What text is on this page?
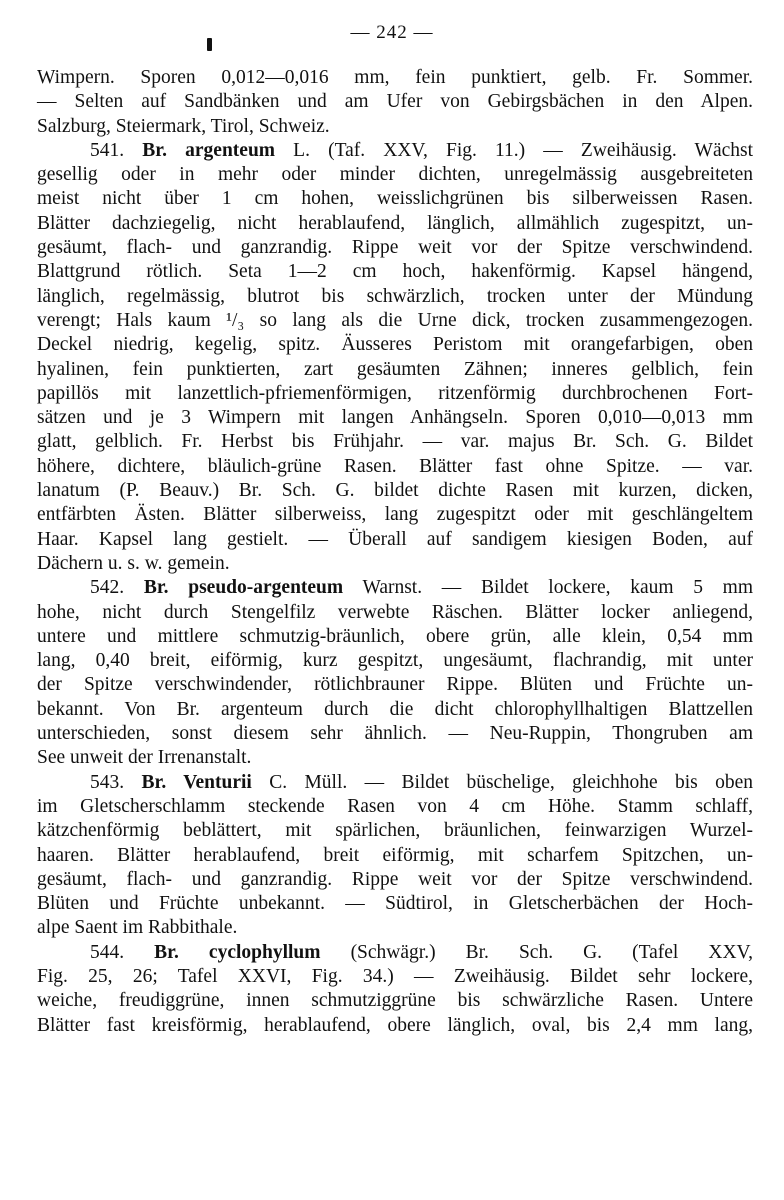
— 242 —
Wimpern. Sporen 0,012—0,016 mm, fein punktiert, gelb. Fr. Sommer.
— Selten auf Sandbänken und am Ufer von Gebirgsbächen in den Alpen.
Salzburg, Steiermark, Tirol, Schweiz.
541. Br. argenteum L. (Taf. XXV, Fig. 11.) — Zweihäusig. Wächst
gesellig oder in mehr oder minder dichten, unregelmässig ausgebreiteten
meist nicht über 1 cm hohen, weisslichgrünen bis silberweissen Rasen.
Blätter dachziegelig, nicht herablaufend, länglich, allmählich zugespitzt, un-
gesäumt, flach- und ganzrandig. Rippe weit vor der Spitze verschwindend.
Blattgrund rötlich. Seta 1—2 cm hoch, hakenförmig. Kapsel hängend,
länglich, regelmässig, blutrot bis schwärzlich, trocken unter der Mündung
verengt; Hals kaum ¹/₃ so lang als die Urne dick, trocken zusammengezogen.
Deckel niedrig, kegelig, spitz. Äusseres Peristom mit orangefarbigen, oben
hyalinen, fein punktierten, zart gesäumten Zähnen; inneres gelblich, fein
papillös mit lanzettlich-pfriemenförmigen, ritzenförmig durchbrochenen Fort-
sätzen und je 3 Wimpern mit langen Anhängseln. Sporen 0,010—0,013 mm
glatt, gelblich. Fr. Herbst bis Frühjahr. — var. majus Br. Sch. G. Bildet
höhere, dichtere, bläulich-grüne Rasen. Blätter fast ohne Spitze. — var.
lanatum (P. Beauv.) Br. Sch. G. bildet dichte Rasen mit kurzen, dicken,
entfärbten Ästen. Blätter silberweiss, lang zugespitzt oder mit geschlängeltem
Haar. Kapsel lang gestielt. — Überall auf sandigem kiesigen Boden, auf
Dächern u. s. w. gemein.
542. Br. pseudo-argenteum Warnst. — Bildet lockere, kaum 5 mm
hohe, nicht durch Stengelfilz verwebte Räschen. Blätter locker anliegend,
untere und mittlere schmutzig-bräunlich, obere grün, alle klein, 0,54 mm
lang, 0,40 breit, eiförmig, kurz gespitzt, ungesäumt, flachrandig, mit unter
der Spitze verschwindender, rötlichbrauner Rippe. Blüten und Früchte un-
bekannt. Von Br. argenteum durch die dicht chlorophyllhaltigen Blattzellen
unterschieden, sonst diesem sehr ähnlich. — Neu-Ruppin, Thongruben am
See unweit der Irrenanstalt.
543. Br. Venturii C. Müll. — Bildet büschelige, gleichhohe bis oben
im Gletscherschlamm steckende Rasen von 4 cm Höhe. Stamm schlaff,
kätzchenförmig beblättert, mit spärlichen, bräunlichen, feinwarzigen Wurzel-
haaren. Blätter herablaufend, breit eiförmig, mit scharfem Spitzchen, un-
gesäumt, flach- und ganzrandig. Rippe weit vor der Spitze verschwindend.
Blüten und Früchte unbekannt. — Südtirol, in Gletscherbächen der Hoch-
alpe Saent im Rabbithale.
544. Br. cyclophyllum (Schwägr.) Br. Sch. G. (Tafel XXV,
Fig. 25, 26; Tafel XXVI, Fig. 34.) — Zweihäusig. Bildet sehr lockere,
weiche, freudiggrüne, innen schmutziggrüne bis schwärzliche Rasen. Untere
Blätter fast kreisförmig, herablaufend, obere länglich, oval, bis 2,4 mm lang,
